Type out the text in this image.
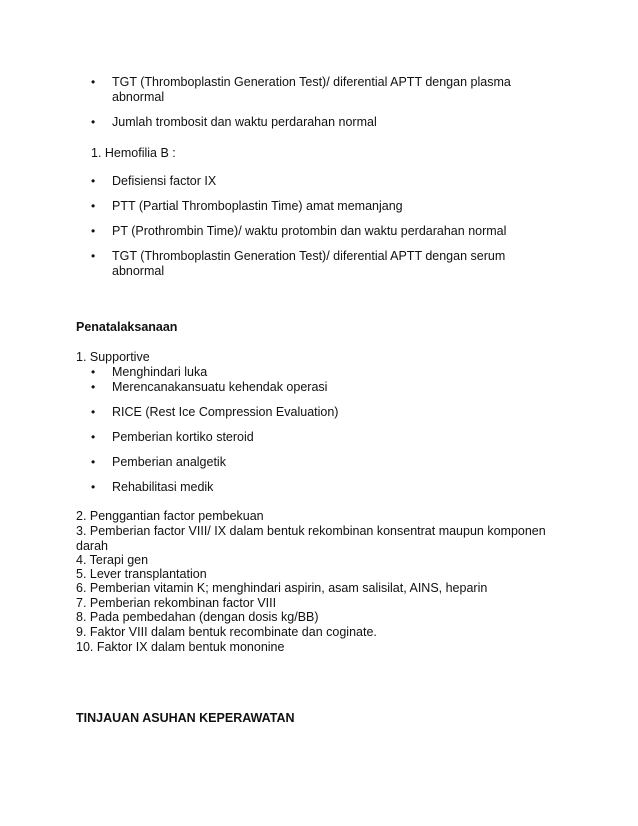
•	TGT (Thromboplastin Generation Test)/ diferential APTT dengan plasma abnormal
•	Jumlah trombosit dan waktu perdarahan normal
1. Hemofilia B :
•	Defisiensi factor IX
•	PTT (Partial Thromboplastin Time) amat memanjang
•	PT (Prothrombin Time)/ waktu protombin dan waktu perdarahan normal
•	TGT (Thromboplastin Generation Test)/ diferential APTT dengan serum abnormal
Penatalaksanaan
1. Supportive
•	Menghindari luka
•	Merencanakansuatu kehendak operasi
•	RICE (Rest Ice Compression Evaluation)
•	Pemberian kortiko steroid
•	Pemberian analgetik
•	Rehabilitasi medik
2. Penggantian factor pembekuan
3. Pemberian factor VIII/ IX dalam bentuk rekombinan konsentrat maupun komponen
darah
4. Terapi gen
5. Lever transplantation
6. Pemberian vitamin K; menghindari aspirin, asam salisilat, AINS, heparin
7. Pemberian rekombinan factor VIII
8. Pada pembedahan (dengan dosis kg/BB)
9. Faktor VIII dalam bentuk recombinate dan coginate.
10. Faktor IX dalam bentuk mononine
TINJAUAN ASUHAN KEPERAWATAN
